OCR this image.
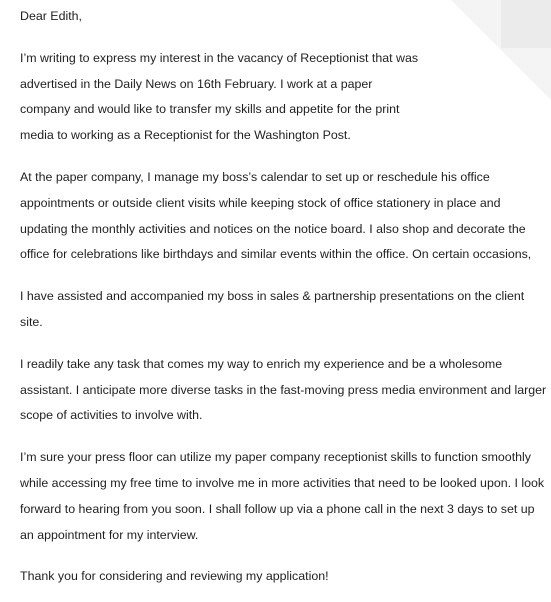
Dear Edith,
I’m writing to express my interest in the vacancy of Receptionist that was
advertised in the Daily News on 16th February. I work at a paper
company and would like to transfer my skills and appetite for the print
media to working as a Receptionist for the Washington Post.
At the paper company, I manage my boss’s calendar to set up or reschedule his office
appointments or outside client visits while keeping stock of office stationery in place and
updating the monthly activities and notices on the notice board. I also shop and decorate the
office for celebrations like birthdays and similar events within the office. On certain occasions,
I have assisted and accompanied my boss in sales & partnership presentations on the client
site.
I readily take any task that comes my way to enrich my experience and be a wholesome
assistant. I anticipate more diverse tasks in the fast-moving press media environment and larger
scope of activities to involve with.
I’m sure your press floor can utilize my paper company receptionist skills to function smoothly
while accessing my free time to involve me in more activities that need to be looked upon. I look
forward to hearing from you soon. I shall follow up via a phone call in the next 3 days to set up
an appointment for my interview.
Thank you for considering and reviewing my application!
